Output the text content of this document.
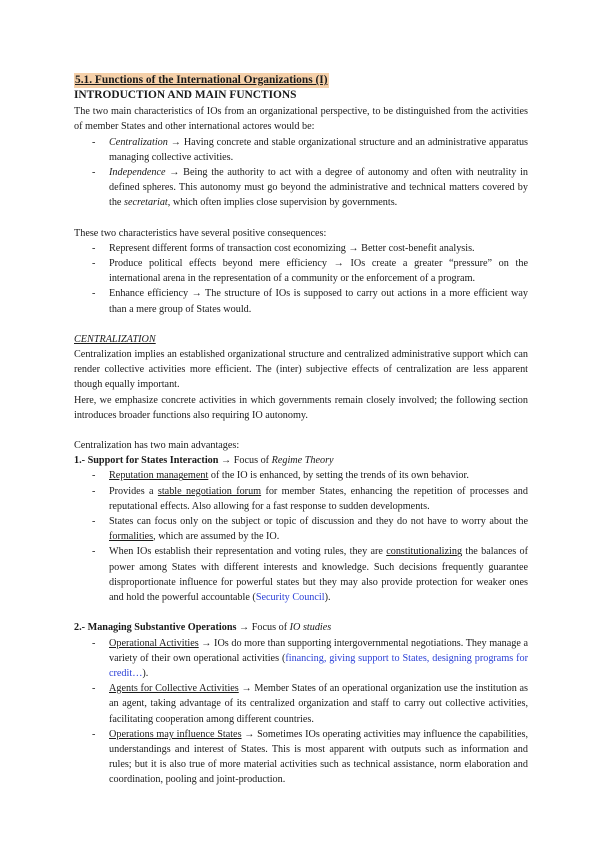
5.1. Functions of the International Organizations (I)
INTRODUCTION AND MAIN FUNCTIONS

The two main characteristics of IOs from an organizational perspective, to be distinguished from the activities of member States and other international actores would be:

- Centralization → Having concrete and stable organizational structure and an administrative apparatus managing collective activities.
- Independence → Being the authority to act with a degree of autonomy and often with neutrality in defined spheres. This autonomy must go beyond the administrative and technical matters covered by the secretariat, which often implies close supervision by governments.

These two characteristics have several positive consequences:

- Represent different forms of transaction cost economizing → Better cost-benefit analysis.
- Produce political effects beyond mere efficiency → IOs create a greater “pressure” on the international arena in the representation of a community or the enforcement of a program.
- Enhance efficiency → The structure of IOs is supposed to carry out actions in a more efficient way than a mere group of States would.

CENTRALIZATION

Centralization implies an established organizational structure and centralized administrative support which can render collective activities more efficient. The (inter) subjective effects of centralization are less apparent though equally important.

Here, we emphasize concrete activities in which governments remain closely involved; the following section introduces broader functions also requiring IO autonomy.

Centralization has two main advantages:

1.- Support for States Interaction → Focus of Regime Theory

- Reputation management of the IO is enhanced, by setting the trends of its own behavior.
- Provides a stable negotiation forum for member States, enhancing the repetition of processes and reputational effects. Also allowing for a fast response to sudden developments.
- States can focus only on the subject or topic of discussion and they do not have to worry about the formalities, which are assumed by the IO.
- When IOs establish their representation and voting rules, they are constitutionalizing the balances of power among States with different interests and knowledge. Such decisions frequently guarantee disproportionate influence for powerful states but they may also provide protection for weaker ones and hold the powerful accountable (Security Council).

2.- Managing Substantive Operations → Focus of IO studies

- Operational Activities → IOs do more than supporting intergovernmental negotiations. They manage a variety of their own operational activities (financing, giving support to States, designing programs for credit…).
- Agents for Collective Activities → Member States of an operational organization use the institution as an agent, taking advantage of its centralized organization and staff to carry out collective activities, facilitating cooperation among different countries.
- Operations may influence States → Sometimes IOs operating activities may influence the capabilities, understandings and interest of States. This is most apparent with outputs such as information and rules; but it is also true of more material activities such as technical assistance, norm elaboration and coordination, pooling and joint-production.
